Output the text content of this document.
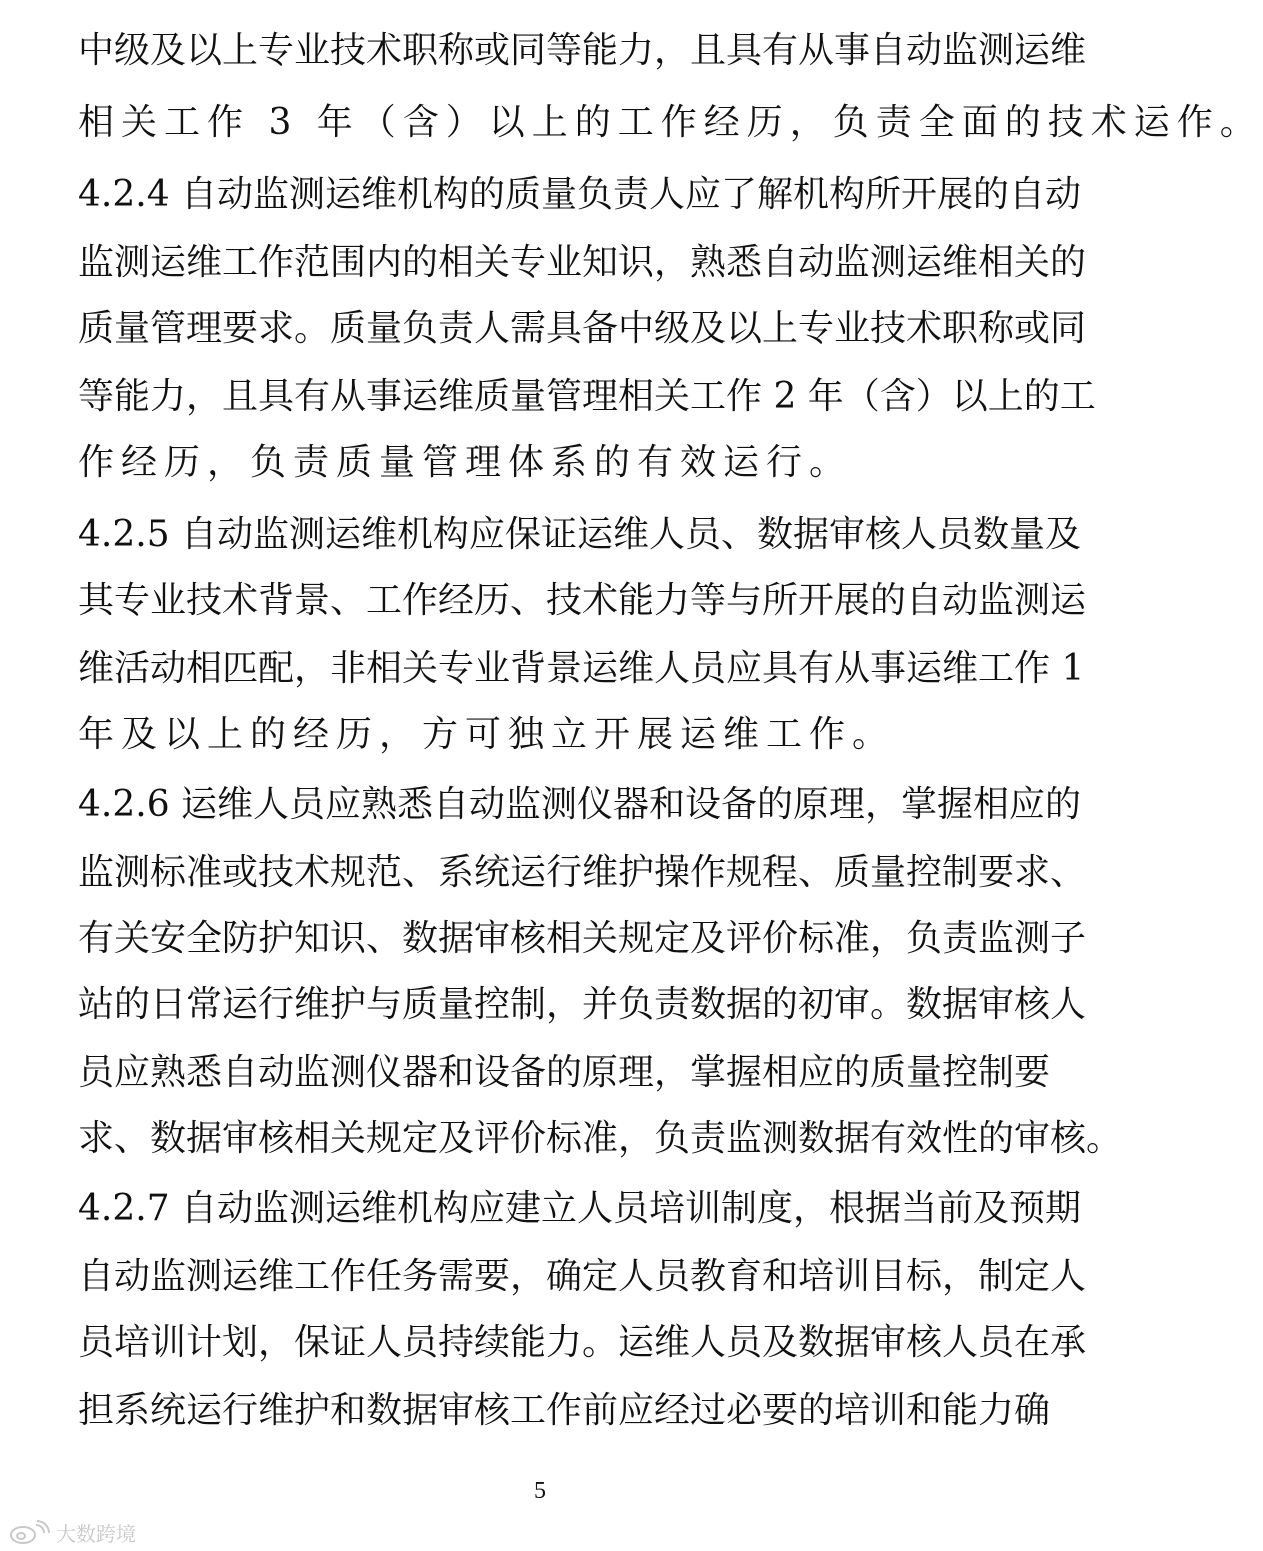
中级及以上专业技术职称或同等能力，且具有从事自动监测运维
相关工作 3 年（含）以上的工作经历，负责全面的技术运作。
4.2.4 自动监测运维机构的质量负责人应了解机构所开展的自动
监测运维工作范围内的相关专业知识，熟悉自动监测运维相关的
质量管理要求。质量负责人需具备中级及以上专业技术职称或同
等能力，且具有从事运维质量管理相关工作 2 年（含）以上的工
作经历，负责质量管理体系的有效运行。
4.2.5 自动监测运维机构应保证运维人员、数据审核人员数量及
其专业技术背景、工作经历、技术能力等与所开展的自动监测运
维活动相匹配，非相关专业背景运维人员应具有从事运维工作 1
年及以上的经历，方可独立开展运维工作。
4.2.6 运维人员应熟悉自动监测仪器和设备的原理，掌握相应的
监测标准或技术规范、系统运行维护操作规程、质量控制要求、
有关安全防护知识、数据审核相关规定及评价标准，负责监测子
站的日常运行维护与质量控制，并负责数据的初审。数据审核人
员应熟悉自动监测仪器和设备的原理，掌握相应的质量控制要
求、数据审核相关规定及评价标准，负责监测数据有效性的审核。
4.2.7 自动监测运维机构应建立人员培训制度，根据当前及预期
自动监测运维工作任务需要，确定人员教育和培训目标，制定人
员培训计划，保证人员持续能力。运维人员及数据审核人员在承
担系统运行维护和数据审核工作前应经过必要的培训和能力确
5
大数跨境
